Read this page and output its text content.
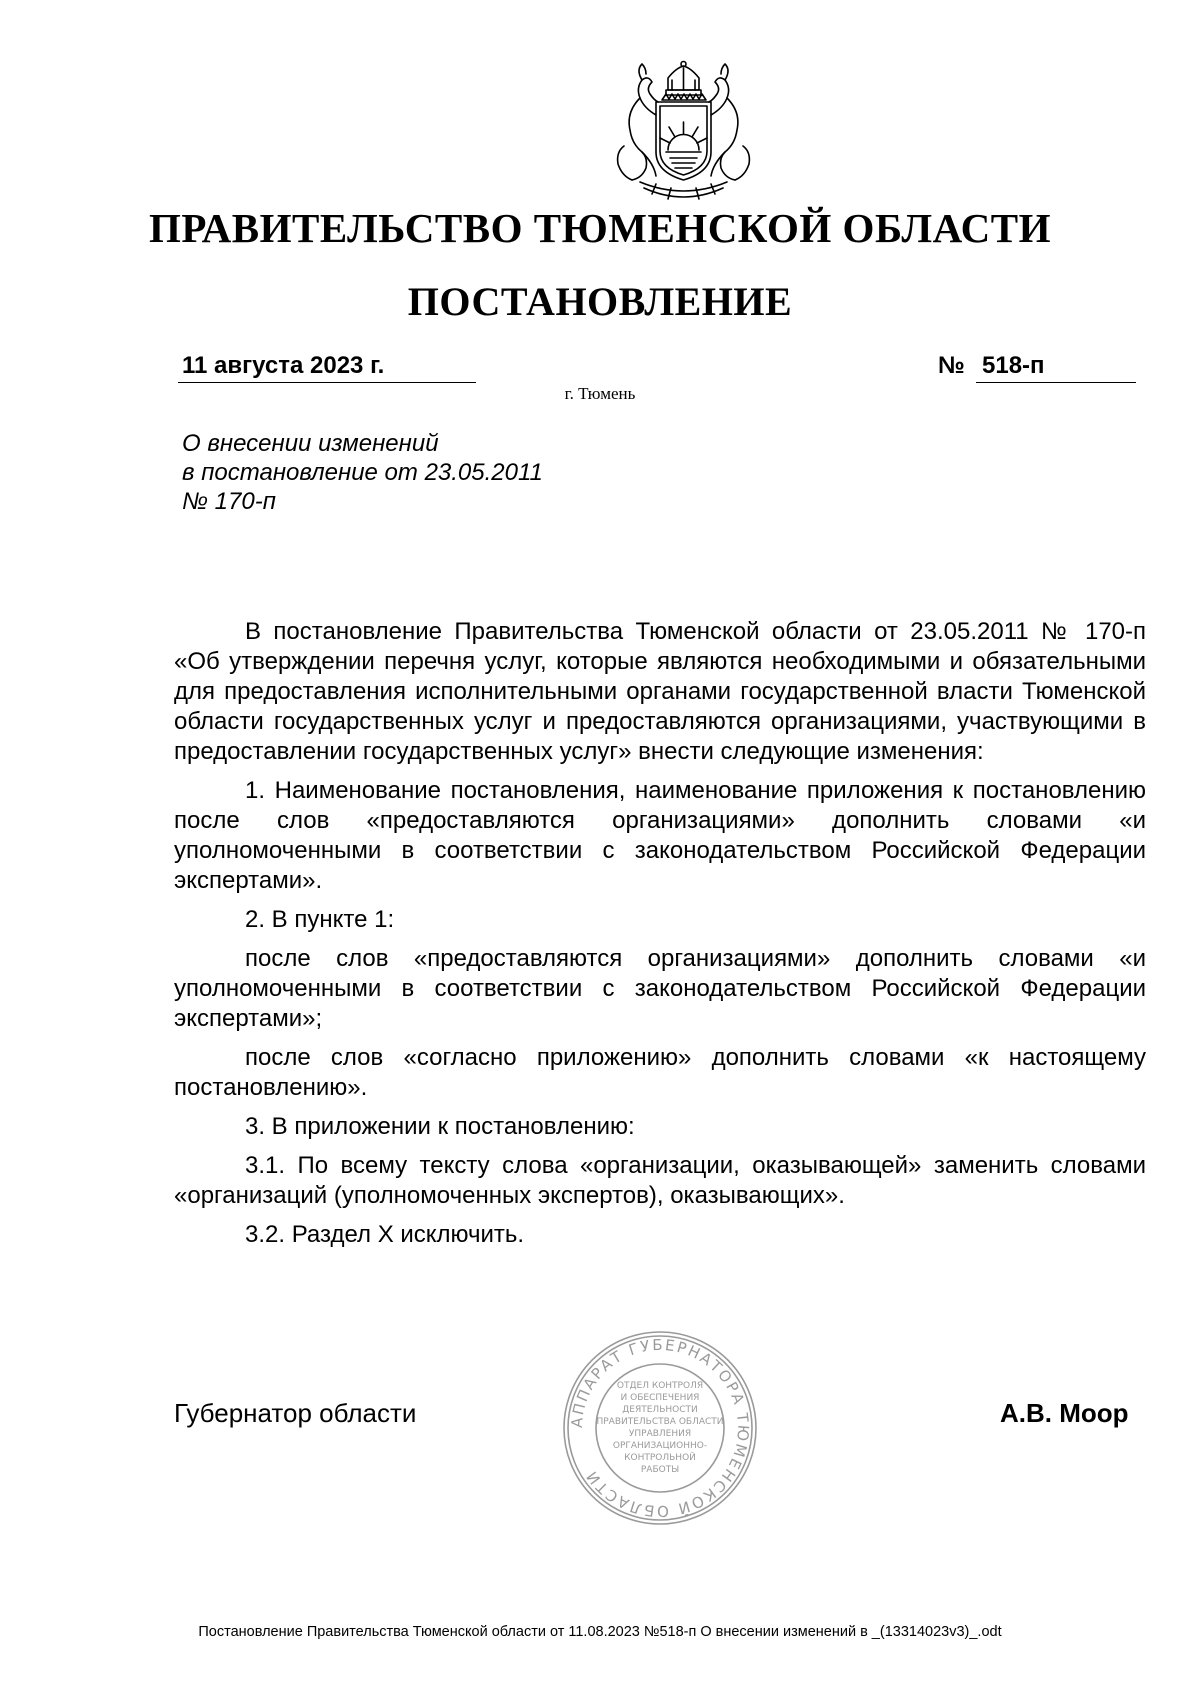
ПРАВИТЕЛЬСТВО ТЮМЕНСКОЙ ОБЛАСТИ
ПОСТАНОВЛЕНИЕ
11 августа 2023 г.	№ 518-п
г. Тюмень
О внесении изменений
в постановление от 23.05.2011
№ 170-п

В постановление Правительства Тюменской области от 23.05.2011 № 170-п «Об утверждении перечня услуг, которые являются необходимыми и обязательными для предоставления исполнительными органами государственной власти Тюменской области государственных услуг и предоставляются организациями, участвующими в предоставлении государственных услуг» внести следующие изменения:

1. Наименование постановления, наименование приложения к постановлению после слов «предоставляются организациями» дополнить словами «и уполномоченными в соответствии с законодательством Российской Федерации экспертами».

2. В пункте 1:

после слов «предоставляются организациями» дополнить словами «и уполномоченными в соответствии с законодательством Российской Федерации экспертами»;

после слов «согласно приложению» дополнить словами «к настоящему постановлению».

3. В приложении к постановлению:

3.1. По всему тексту слова «организации, оказывающей» заменить словами «организаций (уполномоченных экспертов), оказывающих».

3.2. Раздел X исключить.

АППАРАТ ГУБЕРНАТОРА ТЮМЕНСКОЙ ОБЛАСТИ
ОТДЕЛ КОНТРОЛЯ
И ОБЕСПЕЧЕНИЯ
ДЕЯТЕЛЬНОСТИ
ПРАВИТЕЛЬСТВА ОБЛАСТИ
УПРАВЛЕНИЯ
ОРГАНИЗАЦИОННО-
КОНТРОЛЬНОЙ
РАБОТЫ
Губернатор области	А.В. Моор
Постановление Правительства Тюменской области от 11.08.2023 №518-п О внесении изменений в _(13314023v3)_.odt
